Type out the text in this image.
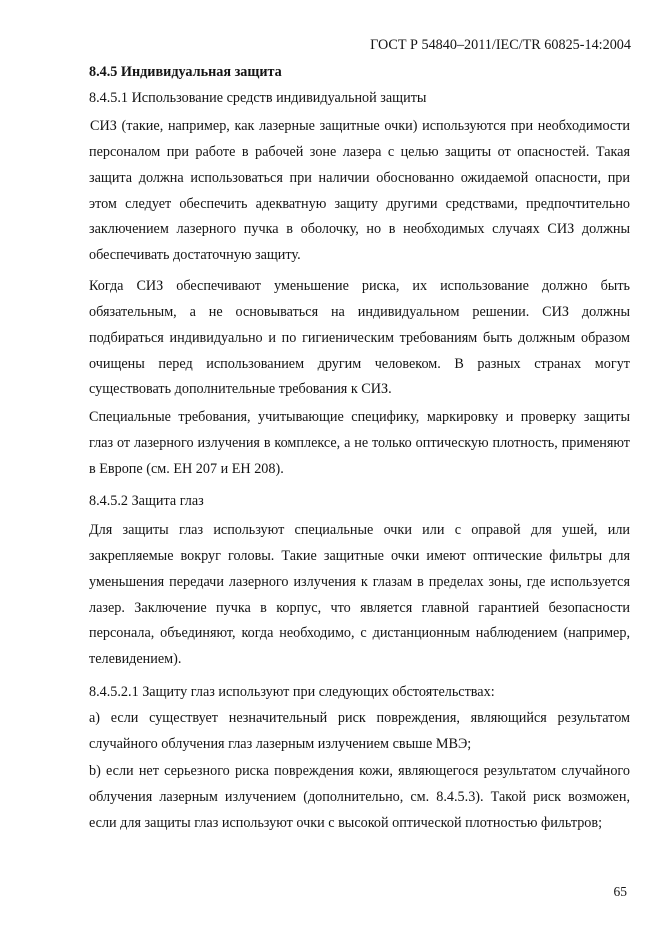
ГОСТ Р 54840–2011/IEC/TR 60825-14:2004
8.4.5 Индивидуальная защита
8.4.5.1 Использование средств индивидуальной защиты
СИЗ (такие, например, как лазерные защитные очки) используются при необходимости персоналом при работе в рабочей зоне лазера с целью защиты от опасностей. Такая защита должна использоваться при наличии обоснованно ожидаемой опасности, при этом следует обеспечить адекватную защиту другими средствами, предпочтительно заключением лазерного пучка в оболочку, но в необходимых случаях СИЗ должны обеспечивать достаточную защиту.
Когда СИЗ обеспечивают уменьшение риска, их использование должно быть обязательным, а не основываться на индивидуальном решении. СИЗ должны подбираться индивидуально и по гигиеническим требованиям быть должным образом очищены перед использованием другим человеком. В разных странах могут существовать дополнительные требования к СИЗ.
Специальные требования, учитывающие специфику, маркировку и проверку защиты глаз от лазерного излучения в комплексе, а не только оптическую плотность, применяют в Европе (см. ЕН 207 и ЕН 208).
8.4.5.2 Защита глаз
Для защиты глаз используют специальные очки или с оправой для ушей, или закрепляемые вокруг головы. Такие защитные очки имеют оптические фильтры для уменьшения передачи лазерного излучения к глазам в пределах зоны, где используется лазер. Заключение пучка в корпус, что является главной гарантией безопасности персонала, объединяют, когда необходимо, с дистанционным наблюдением (например, телевидением).
8.4.5.2.1 Защиту глаз используют при следующих обстоятельствах:
а) если существует незначительный риск повреждения, являющийся результатом случайного облучения глаз лазерным излучением свыше МВЭ;
b) если нет серьезного риска повреждения кожи, являющегося результатом случайного облучения лазерным излучением (дополнительно, см. 8.4.5.3). Такой риск возможен, если для защиты глаз используют очки с высокой оптической плотностью фильтров;
65
